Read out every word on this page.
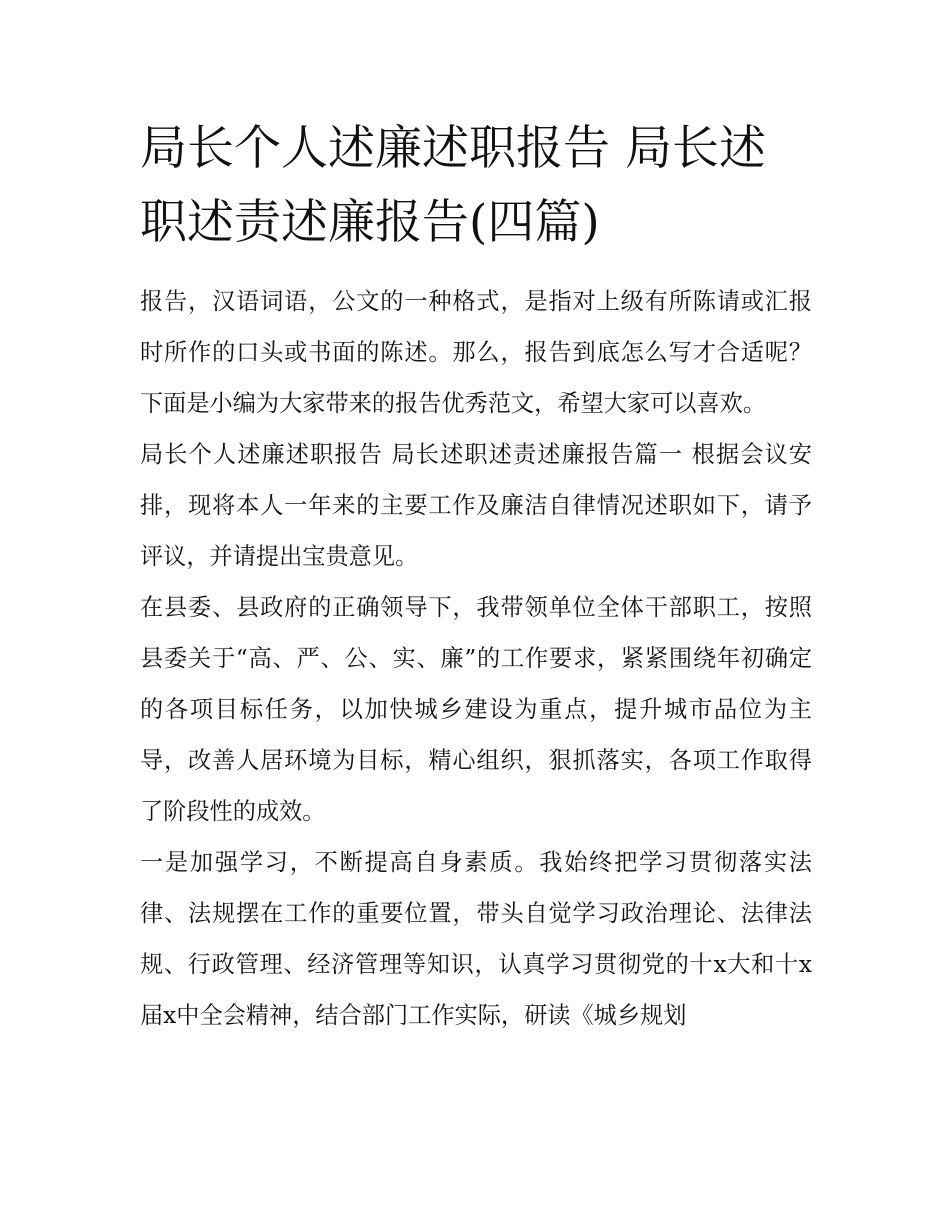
局长个人述廉述职报告 局长述职述责述廉报告(四篇)

报告，汉语词语，公文的一种格式，是指对上级有所陈请或汇报时所作的口头或书面的陈述。那么，报告到底怎么写才合适呢？下面是小编为大家带来的报告优秀范文，希望大家可以喜欢。

局长个人述廉述职报告 局长述职述责述廉报告篇一 根据会议安排，现将本人一年来的主要工作及廉洁自律情况述职如下，请予评议，并请提出宝贵意见。

在县委、县政府的正确领导下，我带领单位全体干部职工，按照县委关于“高、严、公、实、廉”的工作要求，紧紧围绕年初确定的各项目标任务，以加快城乡建设为重点，提升城市品位为主导，改善人居环境为目标，精心组织，狠抓落实，各项工作取得了阶段性的成效。

一是加强学习，不断提高自身素质。我始终把学习贯彻落实法律、法规摆在工作的重要位置，带头自觉学习政治理论、法律法规、行政管理、经济管理等知识，认真学习贯彻党的十x大和十x届x中全会精神，结合部门工作实际，研读《城乡规划
